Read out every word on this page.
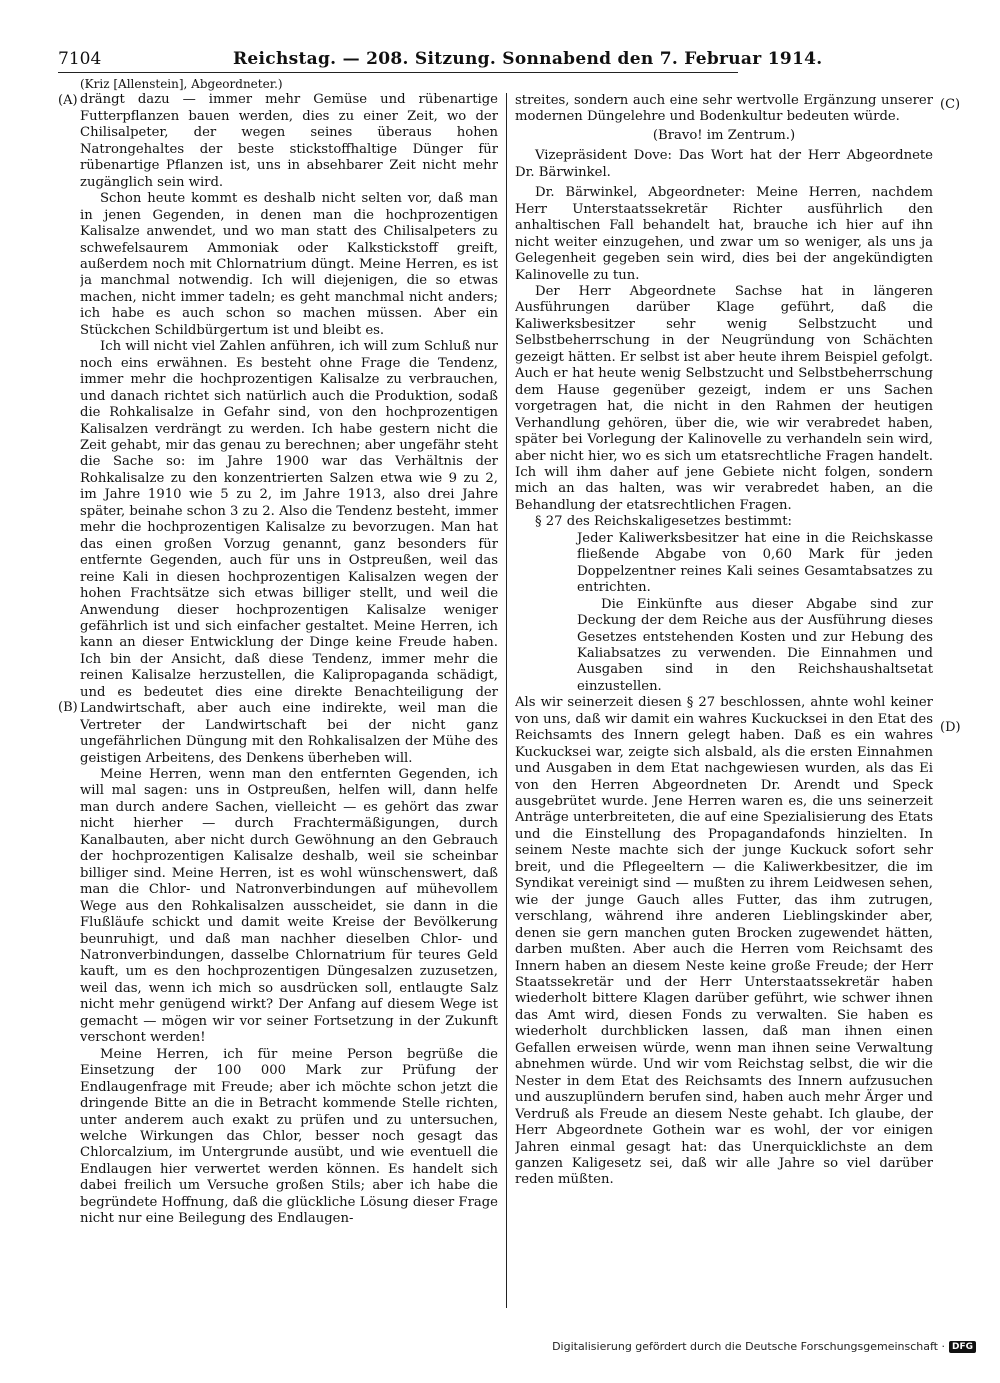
7104	Reichstag. — 208. Sitzung. Sonnabend den 7. Februar 1914.
(A)
(B)
(C)
(D)

(Kriz [Allenstein], Abgeordneter.)

drängt dazu — immer mehr Gemüse und rübenartige Futterpflanzen bauen werden, dies zu einer Zeit, wo der Chilisalpeter, der wegen seines überaus hohen Natrongehaltes der beste stickstoffhaltige Dünger für rübenartige Pflanzen ist, uns in absehbarer Zeit nicht mehr zugänglich sein wird.

Schon heute kommt es deshalb nicht selten vor, daß man in jenen Gegenden, in denen man die hochprozentigen Kalisalze anwendet, und wo man statt des Chilisalpeters zu schwefelsaurem Ammoniak oder Kalkstickstoff greift, außerdem noch mit Chlornatrium düngt. Meine Herren, es ist ja manchmal notwendig. Ich will diejenigen, die so etwas machen, nicht immer tadeln; es geht manchmal nicht anders; ich habe es auch schon so machen müssen. Aber ein Stückchen Schildbürgertum ist und bleibt es.

Ich will nicht viel Zahlen anführen, ich will zum Schluß nur noch eins erwähnen. Es besteht ohne Frage die Tendenz, immer mehr die hochprozentigen Kalisalze zu verbrauchen, und danach richtet sich natürlich auch die Produktion, sodaß die Rohkalisalze in Gefahr sind, von den hochprozentigen Kalisalzen verdrängt zu werden. Ich habe gestern nicht die Zeit gehabt, mir das genau zu berechnen; aber ungefähr steht die Sache so: im Jahre 1900 war das Verhältnis der Rohkalisalze zu den konzentrierten Salzen etwa wie 9 zu 2, im Jahre 1910 wie 5 zu 2, im Jahre 1913, also drei Jahre später, beinahe schon 3 zu 2. Also die Tendenz besteht, immer mehr die hochprozentigen Kalisalze zu bevorzugen. Man hat das einen großen Vorzug genannt, ganz besonders für entfernte Gegenden, auch für uns in Ostpreußen, weil das reine Kali in diesen hochprozentigen Kalisalzen wegen der hohen Frachtsätze sich etwas billiger stellt, und weil die Anwendung dieser hochprozentigen Kalisalze weniger gefährlich ist und sich einfacher gestaltet. Meine Herren, ich kann an dieser Entwicklung der Dinge keine Freude haben. Ich bin der Ansicht, daß diese Tendenz, immer mehr die reinen Kalisalze herzustellen, die Kalipropaganda schädigt, und es bedeutet dies eine direkte Benachteiligung der Landwirtschaft, aber auch eine indirekte, weil man die Vertreter der Landwirtschaft bei der nicht ganz ungefährlichen Düngung mit den Rohkalisalzen der Mühe des geistigen Arbeitens, des Denkens überheben will.

Meine Herren, wenn man den entfernten Gegenden, ich will mal sagen: uns in Ostpreußen, helfen will, dann helfe man durch andere Sachen, vielleicht — es gehört das zwar nicht hierher — durch Frachtermäßigungen, durch Kanalbauten, aber nicht durch Gewöhnung an den Gebrauch der hochprozentigen Kalisalze deshalb, weil sie scheinbar billiger sind. Meine Herren, ist es wohl wünschenswert, daß man die Chlor- und Natronverbindungen auf mühevollem Wege aus den Rohkalisalzen ausscheidet, sie dann in die Flußläufe schickt und damit weite Kreise der Bevölkerung beunruhigt, und daß man nachher dieselben Chlor- und Natronverbindungen, dasselbe Chlornatrium für teures Geld kauft, um es den hochprozentigen Düngesalzen zuzusetzen, weil das, wenn ich mich so ausdrücken soll, entlaugte Salz nicht mehr genügend wirkt? Der Anfang auf diesem Wege ist gemacht — mögen wir vor seiner Fortsetzung in der Zukunft verschont werden!

Meine Herren, ich für meine Person begrüße die Einsetzung der 100 000 Mark zur Prüfung der Endlaugenfrage mit Freude; aber ich möchte schon jetzt die dringende Bitte an die in Betracht kommende Stelle richten, unter anderem auch exakt zu prüfen und zu untersuchen, welche Wirkungen das Chlor, besser noch gesagt das Chlorcalzium, im Untergrunde ausübt, und wie eventuell die Endlaugen hier verwertet werden können. Es handelt sich dabei freilich um Versuche großen Stils; aber ich habe die begründete Hoffnung, daß die glückliche Lösung dieser Frage nicht nur eine Beilegung des Endlaugen-

streites, sondern auch eine sehr wertvolle Ergänzung unserer modernen Düngelehre und Bodenkultur bedeuten würde.

(Bravo! im Zentrum.)

Vizepräsident Dove: Das Wort hat der Herr Abgeordnete Dr. Bärwinkel.

Dr. Bärwinkel, Abgeordneter: Meine Herren, nachdem Herr Unterstaatssekretär Richter ausführlich den anhaltischen Fall behandelt hat, brauche ich hier auf ihn nicht weiter einzugehen, und zwar um so weniger, als uns ja Gelegenheit gegeben sein wird, dies bei der angekündigten Kalinovelle zu tun.

Der Herr Abgeordnete Sachse hat in längeren Ausführungen darüber Klage geführt, daß die Kaliwerksbesitzer sehr wenig Selbstzucht und Selbstbeherrschung in der Neugründung von Schächten gezeigt hätten. Er selbst ist aber heute ihrem Beispiel gefolgt. Auch er hat heute wenig Selbstzucht und Selbstbeherrschung dem Hause gegenüber gezeigt, indem er uns Sachen vorgetragen hat, die nicht in den Rahmen der heutigen Verhandlung gehören, über die, wie wir verabredet haben, später bei Vorlegung der Kalinovelle zu verhandeln sein wird, aber nicht hier, wo es sich um etatsrechtliche Fragen handelt. Ich will ihm daher auf jene Gebiete nicht folgen, sondern mich an das halten, was wir verabredet haben, an die Behandlung der etatsrechtlichen Fragen.

§ 27 des Reichskaligesetzes bestimmt:

Jeder Kaliwerksbesitzer hat eine in die Reichskasse fließende Abgabe von 0,60 Mark für jeden Doppelzentner reines Kali seines Gesamtabsatzes zu entrichten.

Die Einkünfte aus dieser Abgabe sind zur Deckung der dem Reiche aus der Ausführung dieses Gesetzes entstehenden Kosten und zur Hebung des Kaliabsatzes zu verwenden. Die Einnahmen und Ausgaben sind in den Reichshaushaltsetat einzustellen.

Als wir seinerzeit diesen § 27 beschlossen, ahnte wohl keiner von uns, daß wir damit ein wahres Kuckucksei in den Etat des Reichsamts des Innern gelegt haben. Daß es ein wahres Kuckucksei war, zeigte sich alsbald, als die ersten Einnahmen und Ausgaben in dem Etat nachgewiesen wurden, als das Ei von den Herren Abgeordneten Dr. Arendt und Speck ausgebrütet wurde. Jene Herren waren es, die uns seinerzeit Anträge unterbreiteten, die auf eine Spezialisierung des Etats und die Einstellung des Propagandafonds hinzielten. In seinem Neste machte sich der junge Kuckuck sofort sehr breit, und die Pflegeeltern — die Kaliwerkbesitzer, die im Syndikat vereinigt sind — mußten zu ihrem Leidwesen sehen, wie der junge Gauch alles Futter, das ihm zutrugen, verschlang, während ihre anderen Lieblingskinder aber, denen sie gern manchen guten Brocken zugewendet hätten, darben mußten. Aber auch die Herren vom Reichsamt des Innern haben an diesem Neste keine große Freude; der Herr Staatssekretär und der Herr Unterstaatssekretär haben wiederholt bittere Klagen darüber geführt, wie schwer ihnen das Amt wird, diesen Fonds zu verwalten. Sie haben es wiederholt durchblicken lassen, daß man ihnen einen Gefallen erweisen würde, wenn man ihnen seine Verwaltung abnehmen würde. Und wir vom Reichstag selbst, die wir die Nester in dem Etat des Reichsamts des Innern aufzusuchen und auszuplündern berufen sind, haben auch mehr Ärger und Verdruß als Freude an diesem Neste gehabt. Ich glaube, der Herr Abgeordnete Gothein war es wohl, der vor einigen Jahren einmal gesagt hat: das Unerquicklichste an dem ganzen Kaligesetz sei, daß wir alle Jahre so viel darüber reden müßten.

Digitalisierung gefördert durch die Deutsche Forschungsgemeinschaft · DFG
